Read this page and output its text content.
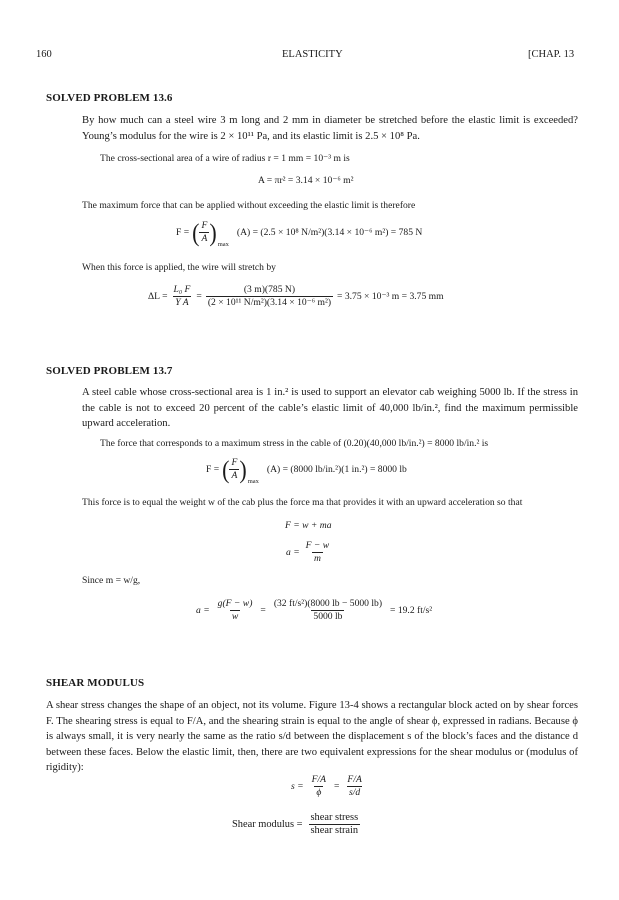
160	ELASTICITY	[CHAP. 13
SOLVED PROBLEM 13.6
By how much can a steel wire 3 m long and 2 mm in diameter be stretched before the elastic limit is exceeded? Young’s modulus for the wire is 2 × 10¹¹ Pa, and its elastic limit is 2.5 × 10⁸ Pa.
The cross-sectional area of a wire of radius r = 1 mm = 10⁻³ m is
A = πr² = 3.14 × 10⁻⁶ m²
The maximum force that can be applied without exceeding the elastic limit is therefore
F = ( $\frac{F}{A}$ ) max
(A) = (2.5 × 10⁸ N/m²)(3.14 × 10⁻⁶ m²) = 785 N
When this force is applied, the wire will stretch by
$\Delta L = \frac{\text{L₀ F}}{\text{Y A}} = \frac{(3 m)(785 N)}{\text{(2 × 10¹¹ N/m²)(3.14 × 10⁻⁶ m²)}} = 3.75 \times 10^{-3}$ m = 3.75 mm
SOLVED PROBLEM 13.7
A steel cable whose cross-sectional area is 1 in.² is used to support an elevator cab weighing 5000 lb. If the stress in the cable is not to exceed 20 percent of the cable’s elastic limit of 40,000 lb/in.², find the maximum permissible upward acceleration.
The force that corresponds to a maximum stress in the cable of (0.20)(40,000 lb/in.²) = 8000 lb/in.² is
F = ( $\frac{F}{A}$ ) max
(A) = (8000 lb/in.²)(1 in.²) = 8000 lb
This force is to equal the weight w of the cab plus the force ma that provides it with an upward acceleration so that
F = w + ma
$a = \frac{F - w}{m}$
Since m = w/g,
$a = \frac{g(F - w)}{w} = \frac{\text{(32 ft/s²)(8000 lb − 5000 lb)}}{5000 lb} = 19.2$ ft/s²
SHEAR MODULUS
A shear stress changes the shape of an object, not its volume. Figure 13-4 shows a rectangular block acted on by shear forces F. The shearing stress is equal to F/A, and the shearing strain is equal to the angle of shear ϕ, expressed in radians. Because ϕ is always small, it is very nearly the same as the ratio s/d between the displacement s of the block’s faces and the distance d between these faces. Below the elastic limit, then, there are two equivalent expressions for the shear modulus or (modulus of rigidity):
$s = \frac{F/A}{\phi} = \frac{F/A}{s/d}$
Shear modulus = $\frac{\text{shear stress}}{\text{shear strain}}$
